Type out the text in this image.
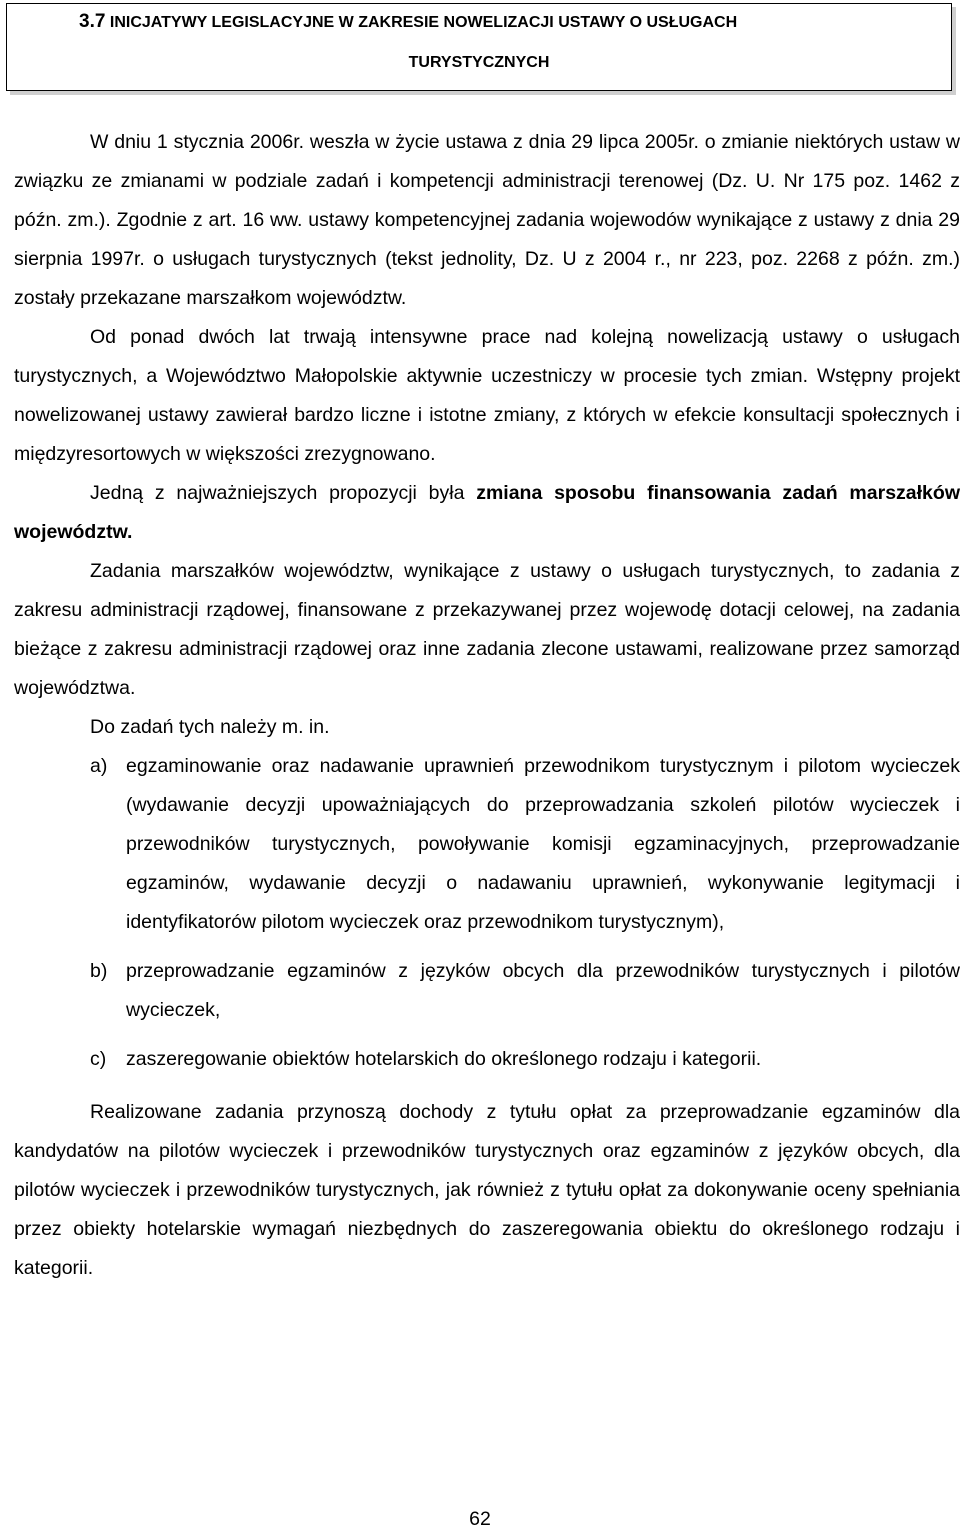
3.7 INICJATYWY LEGISLACYJNE W ZAKRESIE NOWELIZACJI USTAWY O USŁUGACH
TURYSTYCZNYCH

W dniu 1 stycznia 2006r. weszła w życie ustawa z dnia 29 lipca 2005r. o zmianie niektórych ustaw w związku ze zmianami w podziale zadań i kompetencji administracji terenowej (Dz. U. Nr 175 poz. 1462 z późn. zm.). Zgodnie z art. 16 ww. ustawy kompetencyjnej zadania wojewodów wynikające z ustawy z dnia 29 sierpnia 1997r. o usługach turystycznych (tekst jednolity, Dz. U z 2004 r., nr 223, poz. 2268 z późn. zm.) zostały przekazane marszałkom województw.

Od ponad dwóch lat trwają intensywne prace nad kolejną nowelizacją ustawy o usługach turystycznych, a Województwo Małopolskie aktywnie uczestniczy w procesie tych zmian. Wstępny projekt nowelizowanej ustawy zawierał bardzo liczne i istotne zmiany, z których w efekcie konsultacji społecznych i międzyresortowych w większości zrezygnowano.

Jedną z najważniejszych propozycji była zmiana sposobu finansowania zadań marszałków województw.

Zadania marszałków województw, wynikające z ustawy o usługach turystycznych, to zadania z zakresu administracji rządowej, finansowane z przekazywanej przez wojewodę dotacji celowej, na zadania bieżące z zakresu administracji rządowej oraz inne zadania zlecone ustawami, realizowane przez samorząd województwa.

Do zadań tych należy m. in.

a) egzaminowanie oraz nadawanie uprawnień przewodnikom turystycznym i pilotom wycieczek (wydawanie decyzji upoważniających do przeprowadzania szkoleń pilotów wycieczek i przewodników turystycznych, powoływanie komisji egzaminacyjnych, przeprowadzanie egzaminów, wydawanie decyzji o nadawaniu uprawnień, wykonywanie legitymacji i identyfikatorów pilotom wycieczek oraz przewodnikom turystycznym),
b) przeprowadzanie egzaminów z języków obcych dla przewodników turystycznych i pilotów wycieczek,
c)	zaszeregowanie obiektów hotelarskich do określonego rodzaju i kategorii.

Realizowane zadania przynoszą dochody z tytułu opłat za przeprowadzanie egzaminów dla kandydatów na pilotów wycieczek i przewodników turystycznych oraz egzaminów z języków obcych, dla pilotów wycieczek i przewodników turystycznych, jak również z tytułu opłat za dokonywanie oceny spełniania przez obiekty hotelarskie wymagań niezbędnych do zaszeregowania obiektu do określonego rodzaju i kategorii.

62
